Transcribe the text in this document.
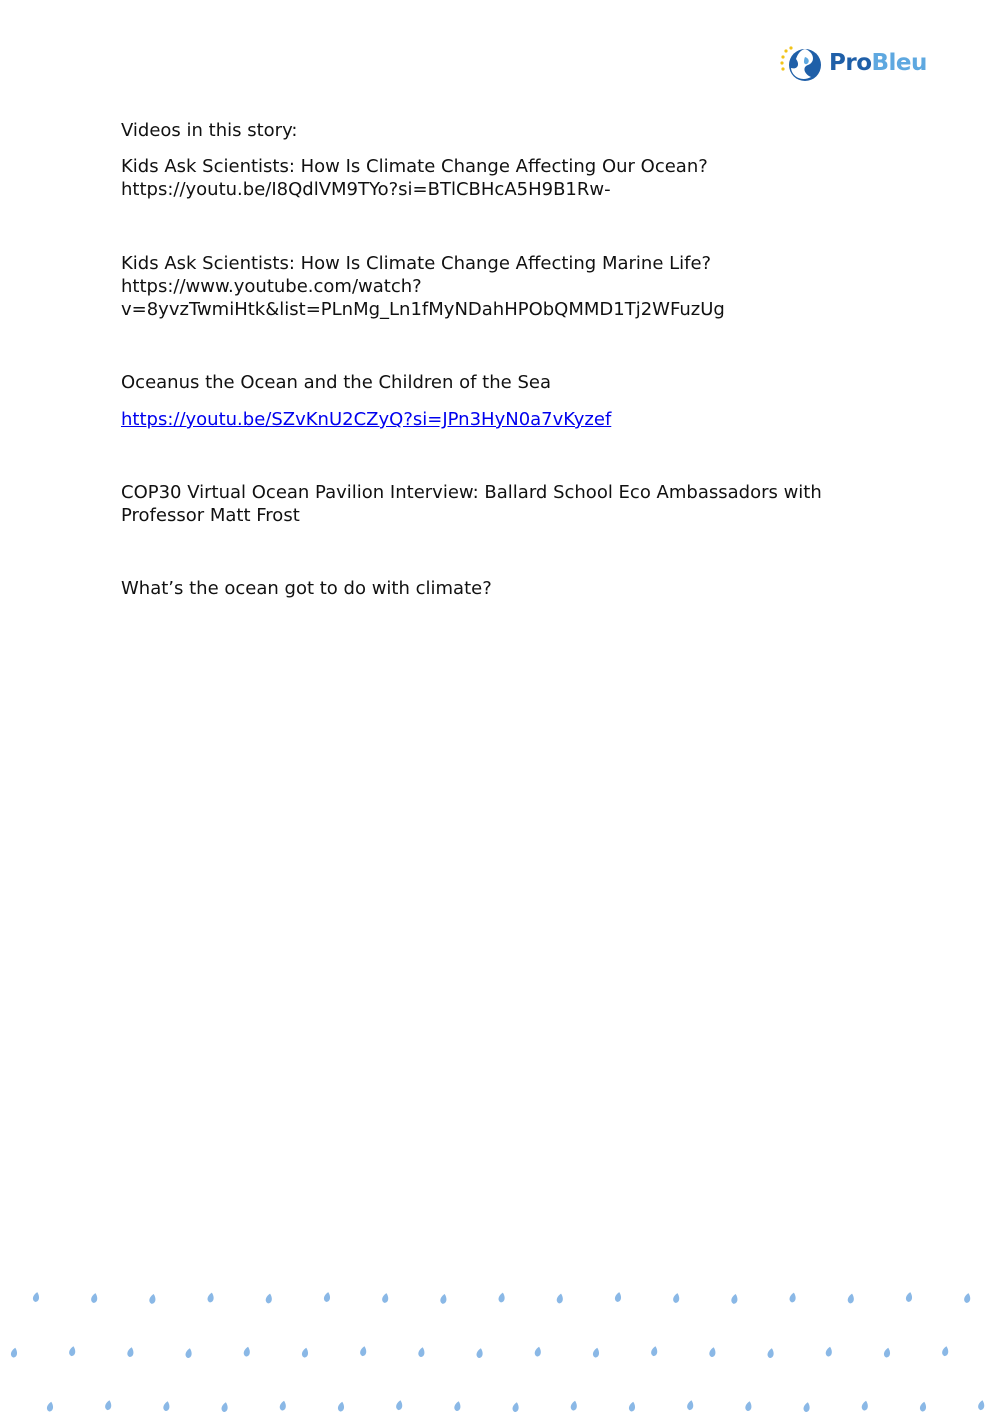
ProBleu

Videos in this story:

Kids Ask Scientists: How Is Climate Change Affecting Our Ocean?

https://youtu.be/I8QdlVM9TYo?si=BTlCBHcA5H9B1Rw-

Kids Ask Scientists: How Is Climate Change Affecting Marine Life?

https://www.youtube.com/watch?

v=8yvzTwmiHtk&list=PLnMg_Ln1fMyNDahHPObQMMD1Tj2WFuzUg

Oceanus the Ocean and the Children of the Sea

https://youtu.be/SZvKnU2CZyQ?si=JPn3HyN0a7vKyzef

COP30 Virtual Ocean Pavilion Interview: Ballard School Eco Ambassadors with

Professor Matt Frost

What’s the ocean got to do with climate?
